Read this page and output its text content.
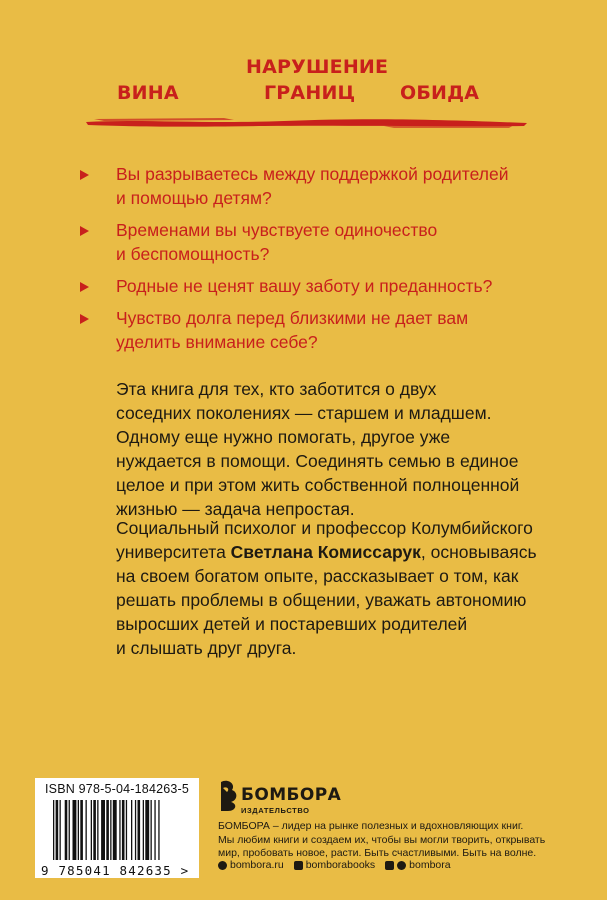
ВИНА
НАРУШЕНИЕ
ГРАНИЦ ОБИДА
Вы разрываетесь между поддержкой родителей
и помощью детям?
Временами вы чувствуете одиночество
и беспомощность?
Родные не ценят вашу заботу и преданность?
Чувство долга перед близкими не дает вам
уделить внимание себе?
Эта книга для тех, кто заботится о двух
соседних поколениях — старшем и младшем.
Одному еще нужно помогать, другое уже
нуждается в помощи. Соединять семью в единое
целое и при этом жить собственной полноценной
жизнью — задача непростая.
Социальный психолог и профессор Колумбийского
университета Светлана Комиссарук, основываясь
на своем богатом опыте, рассказывает о том, как
решать проблемы в общении, уважать автономию
выросших детей и постаревших родителей
и слышать друг друга.
ISBN 978-5-04-184263-5
9 785041 842635 >
БОМБОРА
ИЗДАТЕЛЬСТВО
БОМБОРА – лидер на рынке полезных и вдохновляющих книг.
Мы любим книги и создаем их, чтобы вы могли творить, открывать
мир, пробовать новое, расти. Быть счастливыми. Быть на волне.
bombora.ru bomborabooks	bombora
